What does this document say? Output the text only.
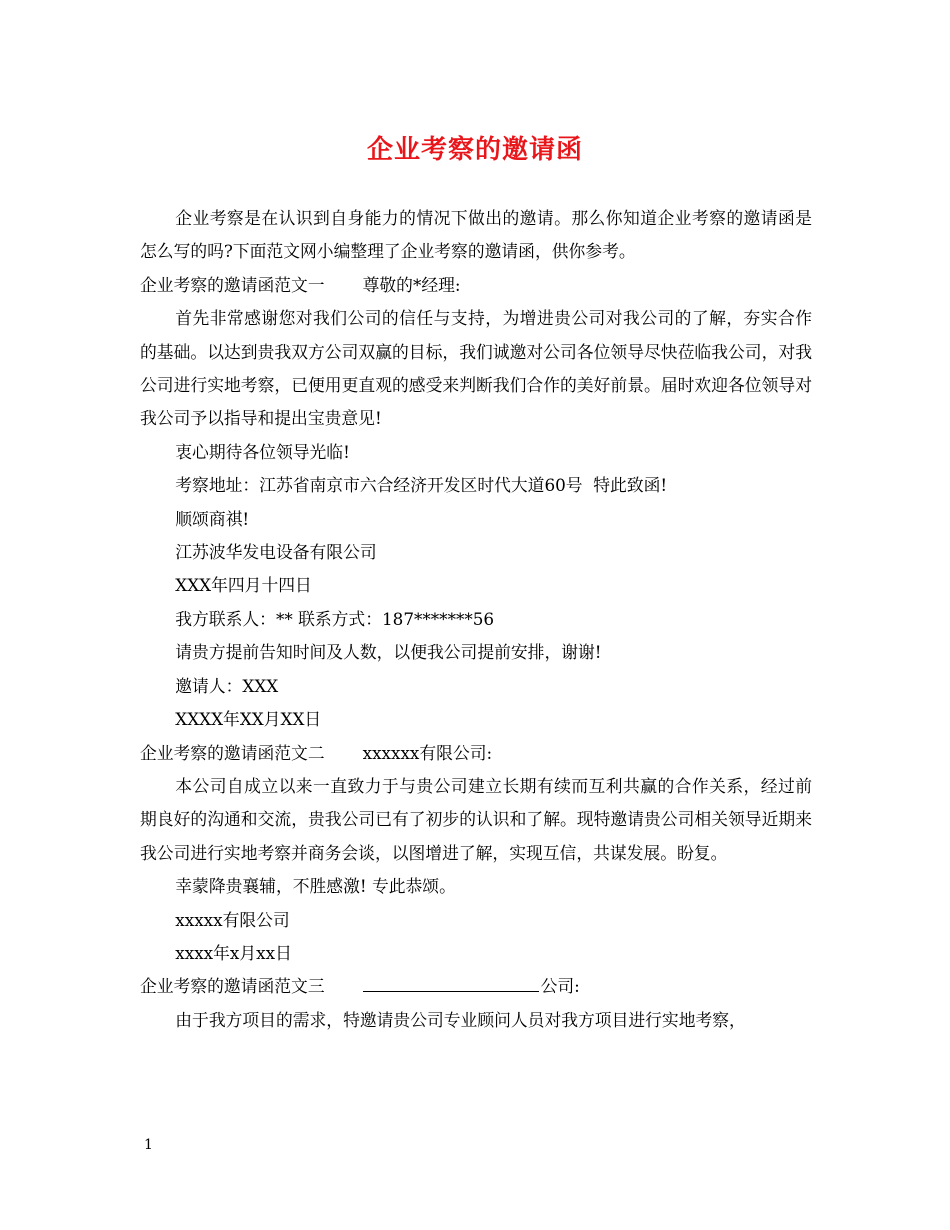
企业考察的邀请函

企业考察是在认识到自身能力的情况下做出的邀请。那么你知道企业考察的邀请函是怎么写的吗?下面范文网小编整理了企业考察的邀请函，供你参考。

企业考察的邀请函范文一 尊敬的*经理:

首先非常感谢您对我们公司的信任与支持，为增进贵公司对我公司的了解，夯实合作的基础。以达到贵我双方公司双赢的目标，我们诚邀对公司各位领导尽快莅临我公司，对我公司进行实地考察，已便用更直观的感受来判断我们合作的美好前景。届时欢迎各位领导对我公司予以指导和提出宝贵意见!

衷心期待各位领导光临!

考察地址：江苏省南京市六合经济开发区时代大道60号  特此致函!

顺颂商祺!

江苏波华发电设备有限公司

XXX年四月十四日

我方联系人：** 联系方式：187*******56

请贵方提前告知时间及人数，以便我公司提前安排，谢谢!

邀请人：XXX

XXXX年XX月XX日

企业考察的邀请函范文二 xxxxxx有限公司:

本公司自成立以来一直致力于与贵公司建立长期有续而互利共赢的合作关系，经过前期良好的沟通和交流，贵我公司已有了初步的认识和了解。现特邀请贵公司相关领导近期来我公司进行实地考察并商务会谈，以图增进了解，实现互信，共谋发展。盼复。

幸蒙降贵襄辅，不胜感激! 专此恭颂。

xxxxx有限公司

xxxx年x月xx日

企业考察的邀请函范文三	公司:

由于我方项目的需求，特邀请贵公司专业顾问人员对我方项目进行实地考察，

1
